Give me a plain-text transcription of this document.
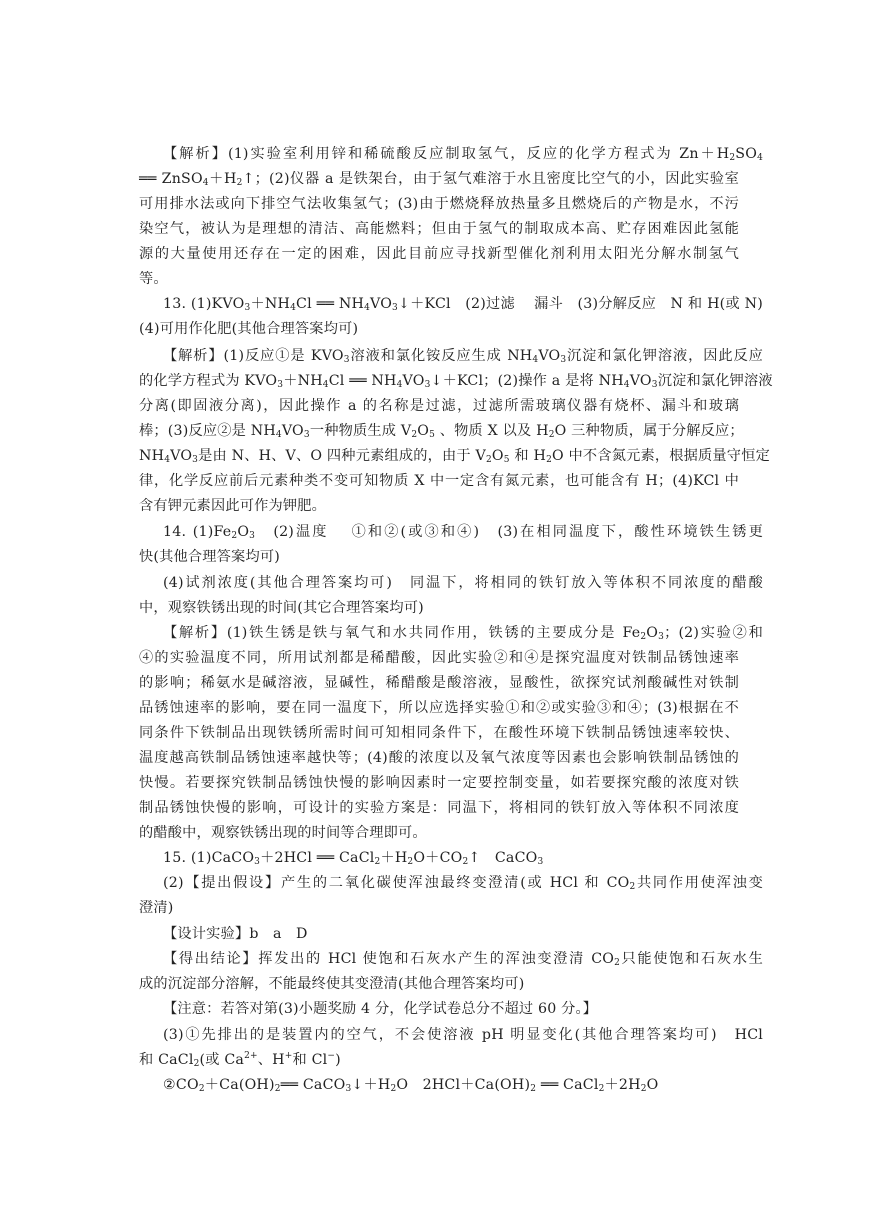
【解析】(1)实验室利用锌和稀硫酸反应制取氢气，反应的化学方程式为 $Zn+H_2SO_4$
══ $ZnSO_4+H_2↑$；(2)仪器 a 是铁架台，由于氢气难溶于水且密度比空气的小，因此实验室
可用排水法或向下排空气法收集氢气；(3)由于燃烧释放热量多且燃烧后的产物是水，不污
染空气，被认为是理想的清洁、高能燃料；但由于氢气的制取成本高、贮存困难因此氢能
源的大量使用还存在一定的困难，因此目前应寻找新型催化剂利用太阳光分解水制氢气
等。
13. $(1)KVO_3+NH_4Cl$ ══ $NH_4VO_3↓+KCl$　(2)过滤　 漏斗　(3)分解反应　N 和 H(或 N)
(4)可用作化肥(其他合理答案均可)
【解析】(1)反应①是 $KVO_3$溶液和氯化铵反应生成 $NH_4VO_3$沉淀和氯化钾溶液，因此反应
的化学方程式为 $KVO_3+NH_4Cl$ ══ $NH_4VO_3↓+KCl$；(2)操作 a 是将 $NH_4VO_3$沉淀和氯化钾溶液
分离(即固液分离)，因此操作 a 的名称是过滤，过滤所需玻璃仪器有烧杯、漏斗和玻璃
棒；(3)反应②是 $NH_4VO_3$一种物质生成 $V_2O_5$ 、物质 X 以及 $H_2O$ 三种物质，属于分解反应；
$NH_4VO_3$是由 N、H、V、O 四种元素组成的，由于 $V_2O_5$ 和 $H_2O$ 中不含氮元素，根据质量守恒定
律，化学反应前后元素种类不变可知物质 X 中一定含有氮元素，也可能含有 H；(4)KCl 中
含有钾元素因此可作为钾肥。
14. $(1)Fe_2O_3$　(2)温度　 ①和②(或③和④)　(3)在相同温度下，酸性环境铁生锈更
快(其他合理答案均可)
(4)试剂浓度(其他合理答案均可)　同温下，将相同的铁钉放入等体积不同浓度的醋酸
中，观察铁锈出现的时间(其它合理答案均可)
【解析】(1)铁生锈是铁与氧气和水共同作用，铁锈的主要成分是 $Fe_2O_3$；(2)实验②和
④的实验温度不同，所用试剂都是稀醋酸，因此实验②和④是探究温度对铁制品锈蚀速率
的影响；稀氨水是碱溶液，显碱性，稀醋酸是酸溶液，显酸性，欲探究试剂酸碱性对铁制
品锈蚀速率的影响，要在同一温度下，所以应选择实验①和②或实验③和④；(3)根据在不
同条件下铁制品出现铁锈所需时间可知相同条件下，在酸性环境下铁制品锈蚀速率较快、
温度越高铁制品锈蚀速率越快等；(4)酸的浓度以及氧气浓度等因素也会影响铁制品锈蚀的
快慢。若要探究铁制品锈蚀快慢的影响因素时一定要控制变量，如若要探究酸的浓度对铁
制品锈蚀快慢的影响，可设计的实验方案是：同温下，将相同的铁钉放入等体积不同浓度
的醋酸中，观察铁锈出现的时间等合理即可。
15. (1)CaCO$_3$＋2HCl ══ $CaCl_2+H_2O+CO_2↑$　CaCO$_3$
(2)【提出假设】产生的二氧化碳使浑浊最终变澄清(或 HCl 和 $CO_2$共同作用使浑浊变
澄清)
【设计实验】b　a　D
【得出结论】挥发出的 HCl 使饱和石灰水产生的浑浊变澄清 $CO_2$只能使饱和石灰水生
成的沉淀部分溶解，不能最终使其变澄清(其他合理答案均可)
【注意：若答对第(3)小题奖励 4 分，化学试卷总分不超过 60 分。】
(3)①先排出的是装置内的空气，不会使溶液 pH 明显变化(其他合理答案均可)　HCl
和 CaCl$_2$(或 $Ca^{2+}$、H+和 Cl−)
$②CO_2+Ca(OH)_2══$ $CaCO_3↓+H_2O$　$2HCl+Ca(OH)_2$ ══ $CaCl_2+2H_2O$
